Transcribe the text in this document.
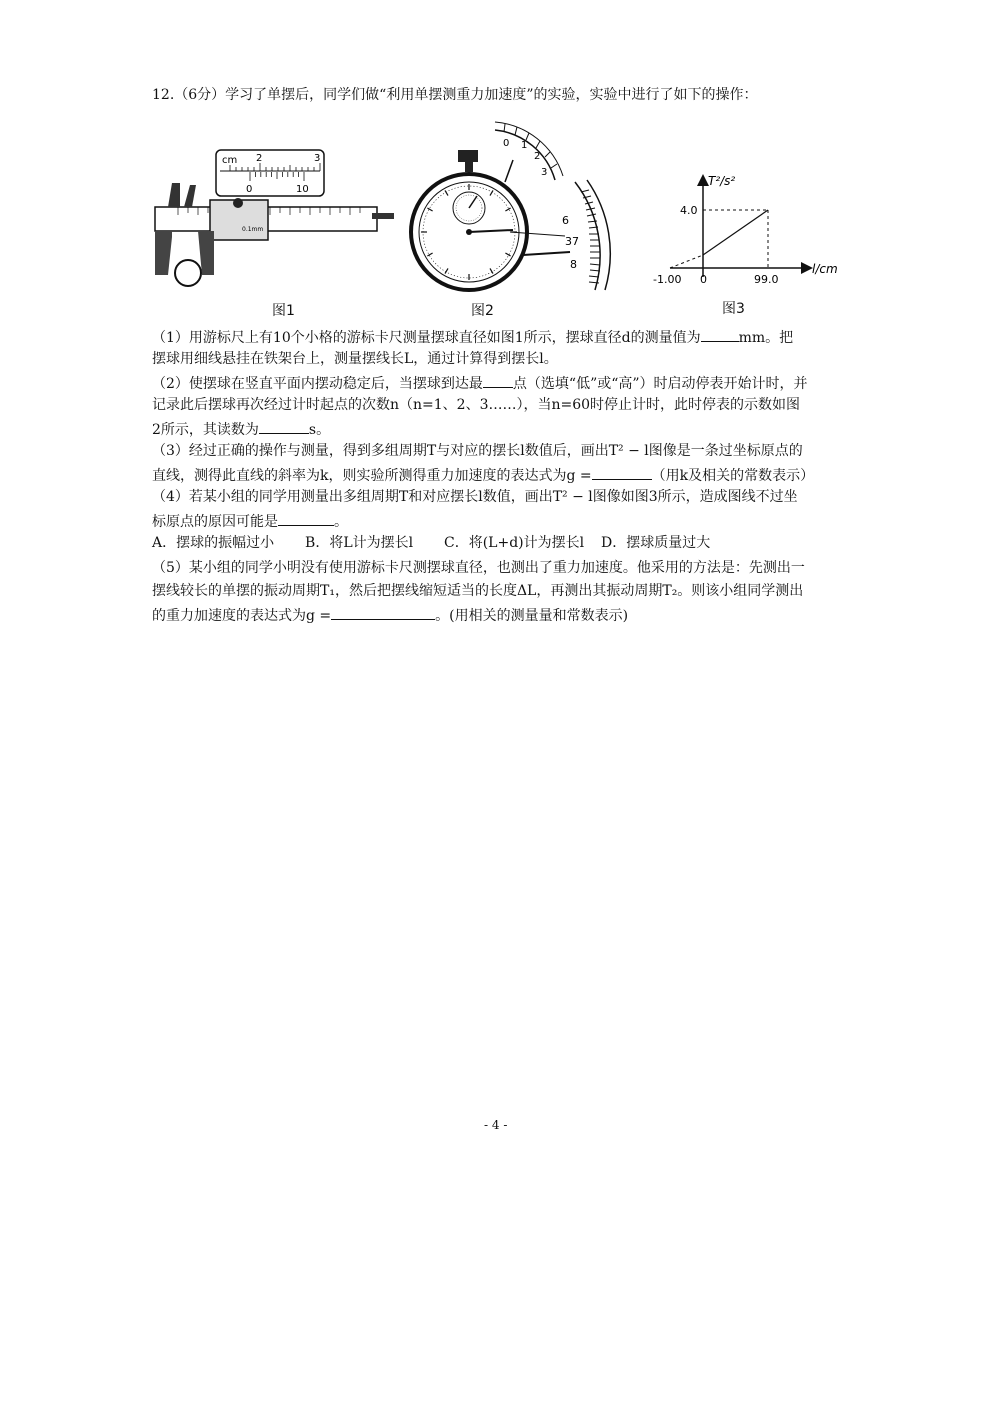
12.（6分）学习了单摆后，同学们做“利用单摆测重力加速度”的实验，实验中进行了如下的操作：
cm 2	3
0	10
0.1mm
图1
0 1
2
3
6
37
8
图2
T²/s²
l/cm
4.0
-1.00 0	99.0
图3
（1）用游标尺上有10个小格的游标卡尺测量摆球直径如图1所示，摆球直径d的测量值为	mm。把
摆球用细线悬挂在铁架台上，测量摆线长L，通过计算得到摆长l。
（2）使摆球在竖直平面内摆动稳定后，当摆球到达最 点（选填“低”或“高”）时启动停表开始计时，并
记录此后摆球再次经过计时起点的次数n（n=1、2、3……），当n=60时停止计时，此时停表的示数如图
2所示，其读数为	s。
（3）经过正确的操作与测量，得到多组周期T与对应的摆长l数值后，画出T² − l图像是一条过坐标原点的
直线，测得此直线的斜率为k，则实验所测得重力加速度的表达式为g =	（用k及相关的常数表示）
（4）若某小组的同学用测量出多组周期T和对应摆长l数值，画出T² − l图像如图3所示，造成图线不过坐
标原点的原因可能是	。
A．摆球的振幅过小 B．将L计为摆长l C．将(L+d)计为摆长l D．摆球质量过大
（5）某小组的同学小明没有使用游标卡尺测摆球直径，也测出了重力加速度。他采用的方法是：先测出一
摆线较长的单摆的振动周期T₁，然后把摆线缩短适当的长度ΔL，再测出其振动周期T₂。则该小组同学测出
的重力加速度的表达式为g =	。(用相关的测量量和常数表示)
- 4 -
